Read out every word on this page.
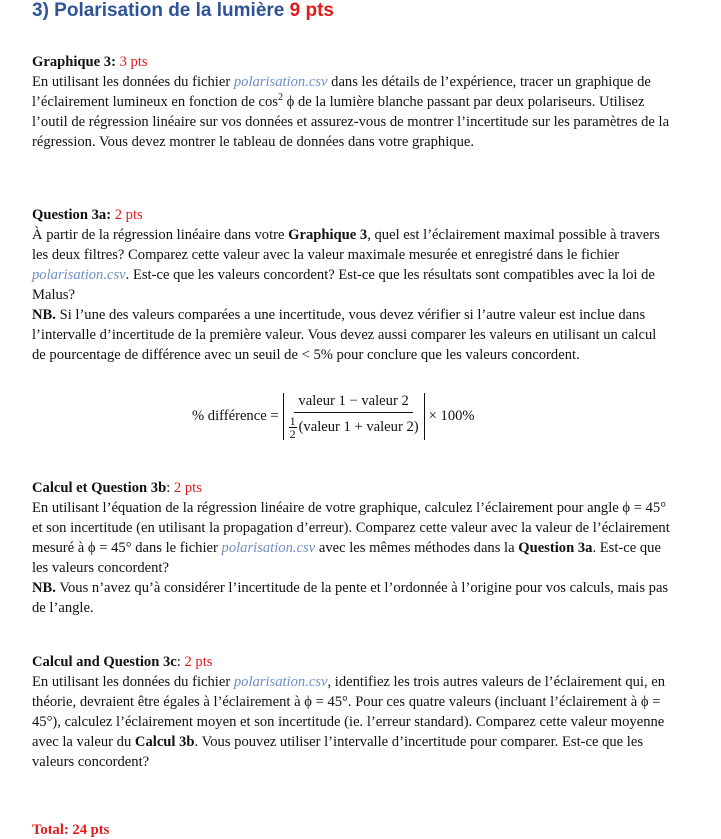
3) Polarisation de la lumière 9 pts

Graphique 3: 3 pts

En utilisant les données du fichier polarisation.csv dans les détails de l’expérience, tracer un graphique de l’éclairement lumineux en fonction de $\cos^2 \phi$ de la lumière blanche passant par deux polariseurs. Utilisez l’outil de régression linéaire sur vos données et assurez-vous de montrer l’incertitude sur les paramètres de la régression. Vous devez montrer le tableau de données dans votre graphique.

Question 3a: 2 pts

À partir de la régression linéaire dans votre Graphique 3, quel est l’éclairement maximal possible à travers les deux filtres? Comparez cette valeur avec la valeur maximale mesurée et enregistré dans le fichier polarisation.csv. Est-ce que les valeurs concordent? Est-ce que les résultats sont compatibles avec la loi de Malus?

NB. Si l’une des valeurs comparées a une incertitude, vous devez vérifier si l’autre valeur est inclue dans l’intervalle d’incertitude de la première valeur. Vous devez aussi comparer les valeurs en utilisant un calcul de pourcentage de différence avec un seuil de < 5% pour conclure que les valeurs concordent.

% différence = $\frac{\text{valeur 1 − valeur 2}}{\frac{1}{2} (valeur 1 + valeur 2)} \times 100\%$

Calcul et Question 3b: 2 pts

En utilisant l’équation de la régression linéaire de votre graphique, calculez l’éclairement pour angle ϕ = 45° et son incertitude (en utilisant la propagation d’erreur). Comparez cette valeur avec la valeur de l’éclairement mesuré à ϕ = 45° dans le fichier polarisation.csv avec les mêmes méthodes dans la Question 3a. Est-ce que les valeurs concordent?

NB. Vous n’avez qu’à considérer l’incertitude de la pente et l’ordonnée à l’origine pour vos calculs, mais pas de l’angle.

Calcul and Question 3c: 2 pts

En utilisant les données du fichier polarisation.csv, identifiez les trois autres valeurs de l’éclairement qui, en théorie, devraient être égales à l’éclairement à ϕ = 45°. Pour ces quatre valeurs (incluant l’éclairement à ϕ = 45°), calculez l’éclairement moyen et son incertitude (ie. l’erreur standard). Comparez cette valeur moyenne avec la valeur du Calcul 3b. Vous pouvez utiliser l’intervalle d’incertitude pour comparer. Est-ce que les valeurs concordent?

Total: 24 pts
